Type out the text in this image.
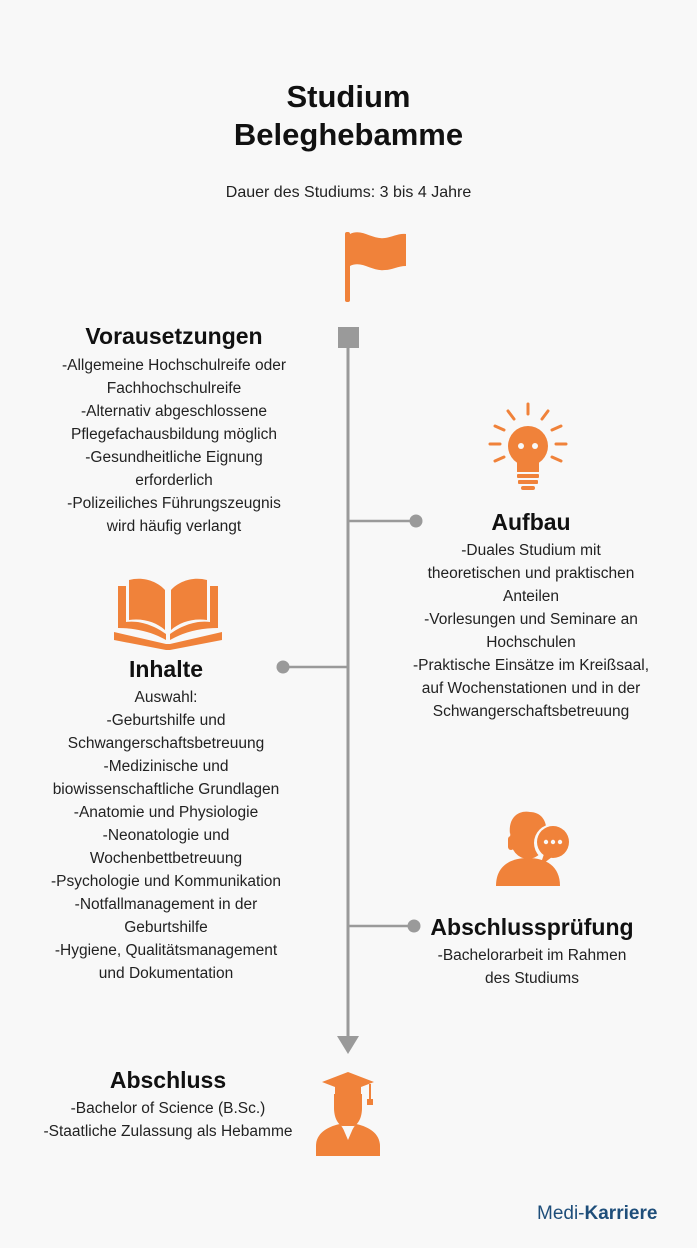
Studium
Beleghebamme
Dauer des Studiums: 3 bis 4 Jahre
Vorausetzungen
-Allgemeine Hochschulreife oder
Fachhochschulreife
-Alternativ abgeschlossene
Pflegefachausbildung möglich
-Gesundheitliche Eignung
erforderlich
-Polizeiliches Führungszeugnis
wird häufig verlangt	Aufbau
-Duales Studium mit
theoretischen und praktischen
Anteilen
-Vorlesungen und Seminare an
Hochschulen
-Praktische Einsätze im Kreißsaal,
auf Wochenstationen und in der
Schwangerschaftsbetreuung
Inhalte
Auswahl:
-Geburtshilfe und
Schwangerschaftsbetreuung
-Medizinische und
biowissenschaftliche Grundlagen
-Anatomie und Physiologie
-Neonatologie und
Wochenbettbetreuung
-Psychologie und Kommunikation
-Notfallmanagement in der
Geburtshilfe
-Hygiene, Qualitätsmanagement
und Dokumentation
Abschlussprüfung
-Bachelorarbeit im Rahmen
des Studiums
Abschluss
-Bachelor of Science (B.Sc.)
-Staatliche Zulassung als Hebamme
Medi-Karriere
